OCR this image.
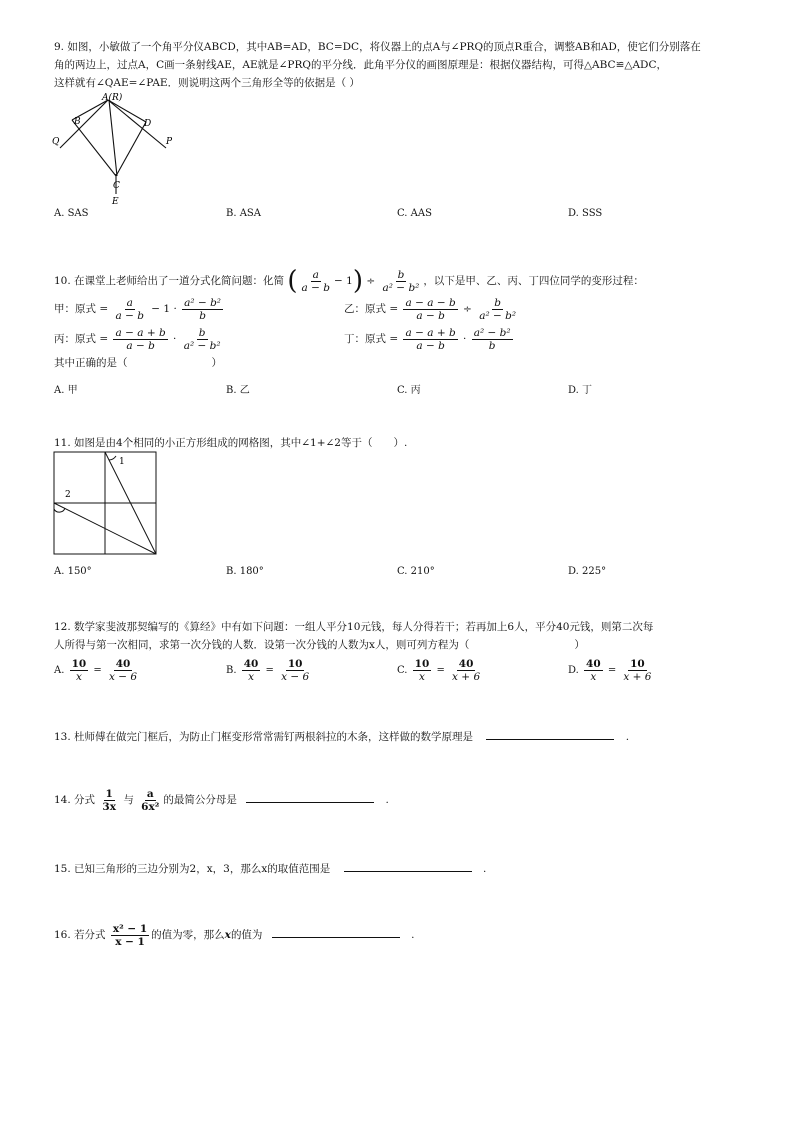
9. 如图，小敏做了一个角平分仪ABCD，其中AB=AD，BC=DC，将仪器上的点A与∠PRQ的顶点R重合，调整AB和AD，使它们分别落在
角的两边上，过点A，C画一条射线AE，AE就是∠PRQ的平分线．此角平分仪的画图原理是：根据仪器结构，可得△ABC≌△ADC，
这样就有∠QAE=∠PAE．则说明这两个三角形全等的依据是（ ）
A(R)
B	D
Q	P
C
E
A. SAS	B. ASA	C. AAS	D. SSS
10. 在课堂上老师给出了一道分式化简问题：化简 ( $\frac{a}{a - b} - 1) \div \frac{b}{\text{a² − b²}}$ ，以下是甲、乙、丙、丁四位同学的变形过程：
甲：原式 = $\frac{a}{a - b} - 1 \cdot \frac{\text{a² − b²}}{b}$	乙：原式 = $\frac{a - a - b}{a - b} \div \frac{b}{\text{a² − b²}}$
丙：原式 = $\frac{a - a + b}{a - b} \cdot \frac{b}{\text{a² − b²}}$	丁：原式 = $\frac{a - a + b}{a - b} \cdot \frac{\text{a² − b²}}{b}$
其中正确的是（　　　　　　　　）
A. 甲	B. 乙	C. 丙	D. 丁
11. 如图是由4个相同的小正方形组成的网格图，其中∠1+∠2等于（　　）.
1
2
A. 150°	B. 180°	C. 210°	D. 225°
12. 数学家斐波那契编写的《算经》中有如下问题：一组人平分10元钱，每人分得若干；若再加上6人，平分40元钱，则第二次每
人所得与第一次相同，求第一次分钱的人数．设第一次分钱的人数为x人，则可列方程为（　　　　　　　　　　）
A. $\frac{10}{x} = \frac{40}{x - 6}$	B. $\frac{40}{x} = \frac{10}{x - 6}$	C. $\frac{10}{x} = \frac{40}{x + 6}$	D. $\frac{40}{x} = \frac{10}{x + 6}$
13. 杜师傅在做完门框后，为防止门框变形常常需钉两根斜拉的木条，这样做的数学原理是	.
14. 分式 $\frac{1}{3x}$ 与 $\frac{a}{\text{6x²}}$ 的最简公分母是	.
15. 已知三角形的三边分别为2，x，3，那么x的取值范围是	.
16. 若分式 $\frac{\text{x² − 1}}{x - 1}$ 的值为零，那么x的值为	.
